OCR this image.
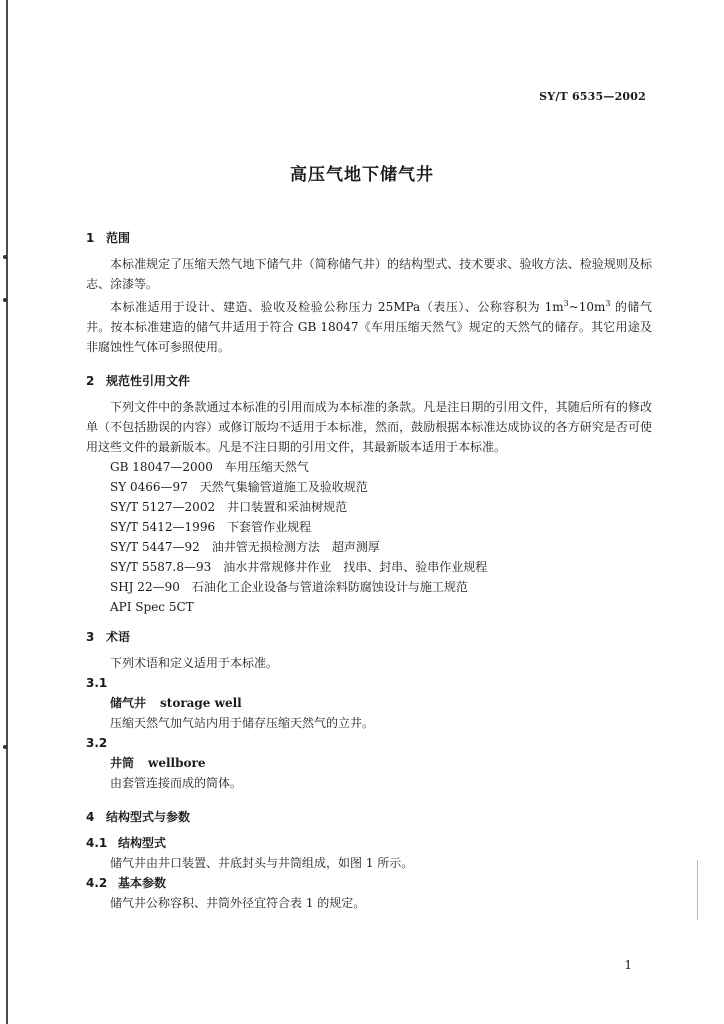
SY/T 6535—2002
高压气地下储气井
1 范围

本标准规定了压缩天然气地下储气井（简称储气井）的结构型式、技术要求、验收方法、检验规则及标志、涂漆等。

本标准适用于设计、建造、验收及检验公称压力 25MPa（表压）、公称容积为 $1m^3\sim 10m^3$ 的储气井。按本标准建造的储气井适用于符合 GB 18047《车用压缩天然气》规定的天然气的储存。其它用途及非腐蚀性气体可参照使用。

2 规范性引用文件

下列文件中的条款通过本标准的引用而成为本标准的条款。凡是注日期的引用文件，其随后所有的修改单（不包括勘误的内容）或修订版均不适用于本标准，然而，鼓励根据本标准达成协议的各方研究是否可使用这些文件的最新版本。凡是不注日期的引用文件，其最新版本适用于本标准。

GB 18047—2000　车用压缩天然气

SY 0466—97　天然气集输管道施工及验收规范

SY/T 5127—2002　井口装置和采油树规范

SY/T 5412—1996　下套管作业规程

SY/T 5447—92　油井管无损检测方法　超声测厚

SY/T 5587.8—93　油水井常规修井作业　找串、封串、验串作业规程

SHJ 22—90　石油化工企业设备与管道涂料防腐蚀设计与施工规范

API Spec 5CT

3 术语

下列术语和定义适用于本标准。

3.1

储气井 storage well

压缩天然气加气站内用于储存压缩天然气的立井。

3.2

井筒 wellbore

由套管连接而成的筒体。

4 结构型式与参数
4.1 结构型式

储气井由井口装置、井底封头与井筒组成，如图 1 所示。

4.2 基本参数

储气井公称容积、井筒外径宜符合表 1 的规定。

1
